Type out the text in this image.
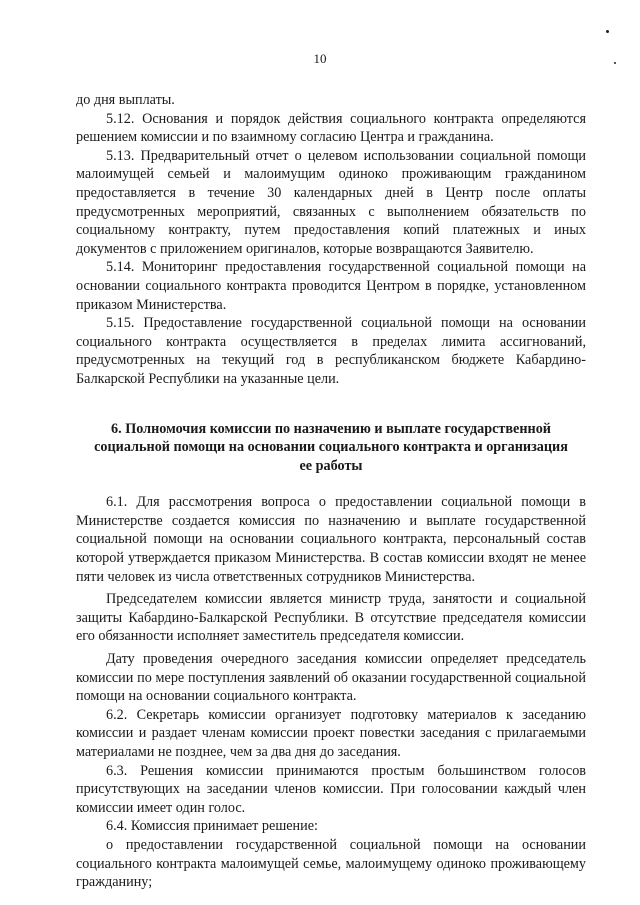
10

до дня выплаты.

5.12. Основания и порядок действия социального контракта определяются решением комиссии и по взаимному согласию Центра и гражданина.

5.13. Предварительный отчет о целевом использовании социальной помощи малоимущей семьей и малоимущим одиноко проживающим гражданином предоставляется в течение 30 календарных дней в Центр после оплаты предусмотренных мероприятий, связанных с выполнением обязательств по социальному контракту, путем предоставления копий платежных и иных документов с приложением оригиналов, которые возвращаются Заявителю.

5.14. Мониторинг предоставления государственной социальной помощи на основании социального контракта проводится Центром в порядке, установленном приказом Министерства.

5.15. Предоставление государственной социальной помощи на основании социального контракта осуществляется в пределах лимита ассигнований, предусмотренных на текущий год в республиканском бюджете Кабардино-Балкарской Республики на указанные цели.

6. Полномочия комиссии по назначению и выплате государственной социальной помощи на основании социального контракта и организация ее работы

6.1. Для рассмотрения вопроса о предоставлении социальной помощи в Министерстве создается комиссия по назначению и выплате государственной социальной помощи на основании социального контракта, персональный состав которой утверждается приказом Министерства. В состав комиссии входят не менее пяти человек из числа ответственных сотрудников Министерства.

Председателем комиссии является министр труда, занятости и социальной защиты Кабардино-Балкарской Республики. В отсутствие председателя комиссии его обязанности исполняет заместитель председателя комиссии.

Дату проведения очередного заседания комиссии определяет председатель комиссии по мере поступления заявлений об оказании государственной социальной помощи на основании социального контракта.

6.2. Секретарь комиссии организует подготовку материалов к заседанию комиссии и раздает членам комиссии проект повестки заседания с прилагаемыми материалами не позднее, чем за два дня до заседания.

6.3. Решения комиссии принимаются простым большинством голосов присутствующих на заседании членов комиссии. При голосовании каждый член комиссии имеет один голос.

6.4. Комиссия принимает решение:

о предоставлении государственной социальной помощи на основании социального контракта малоимущей семье, малоимущему одиноко проживающему гражданину;
